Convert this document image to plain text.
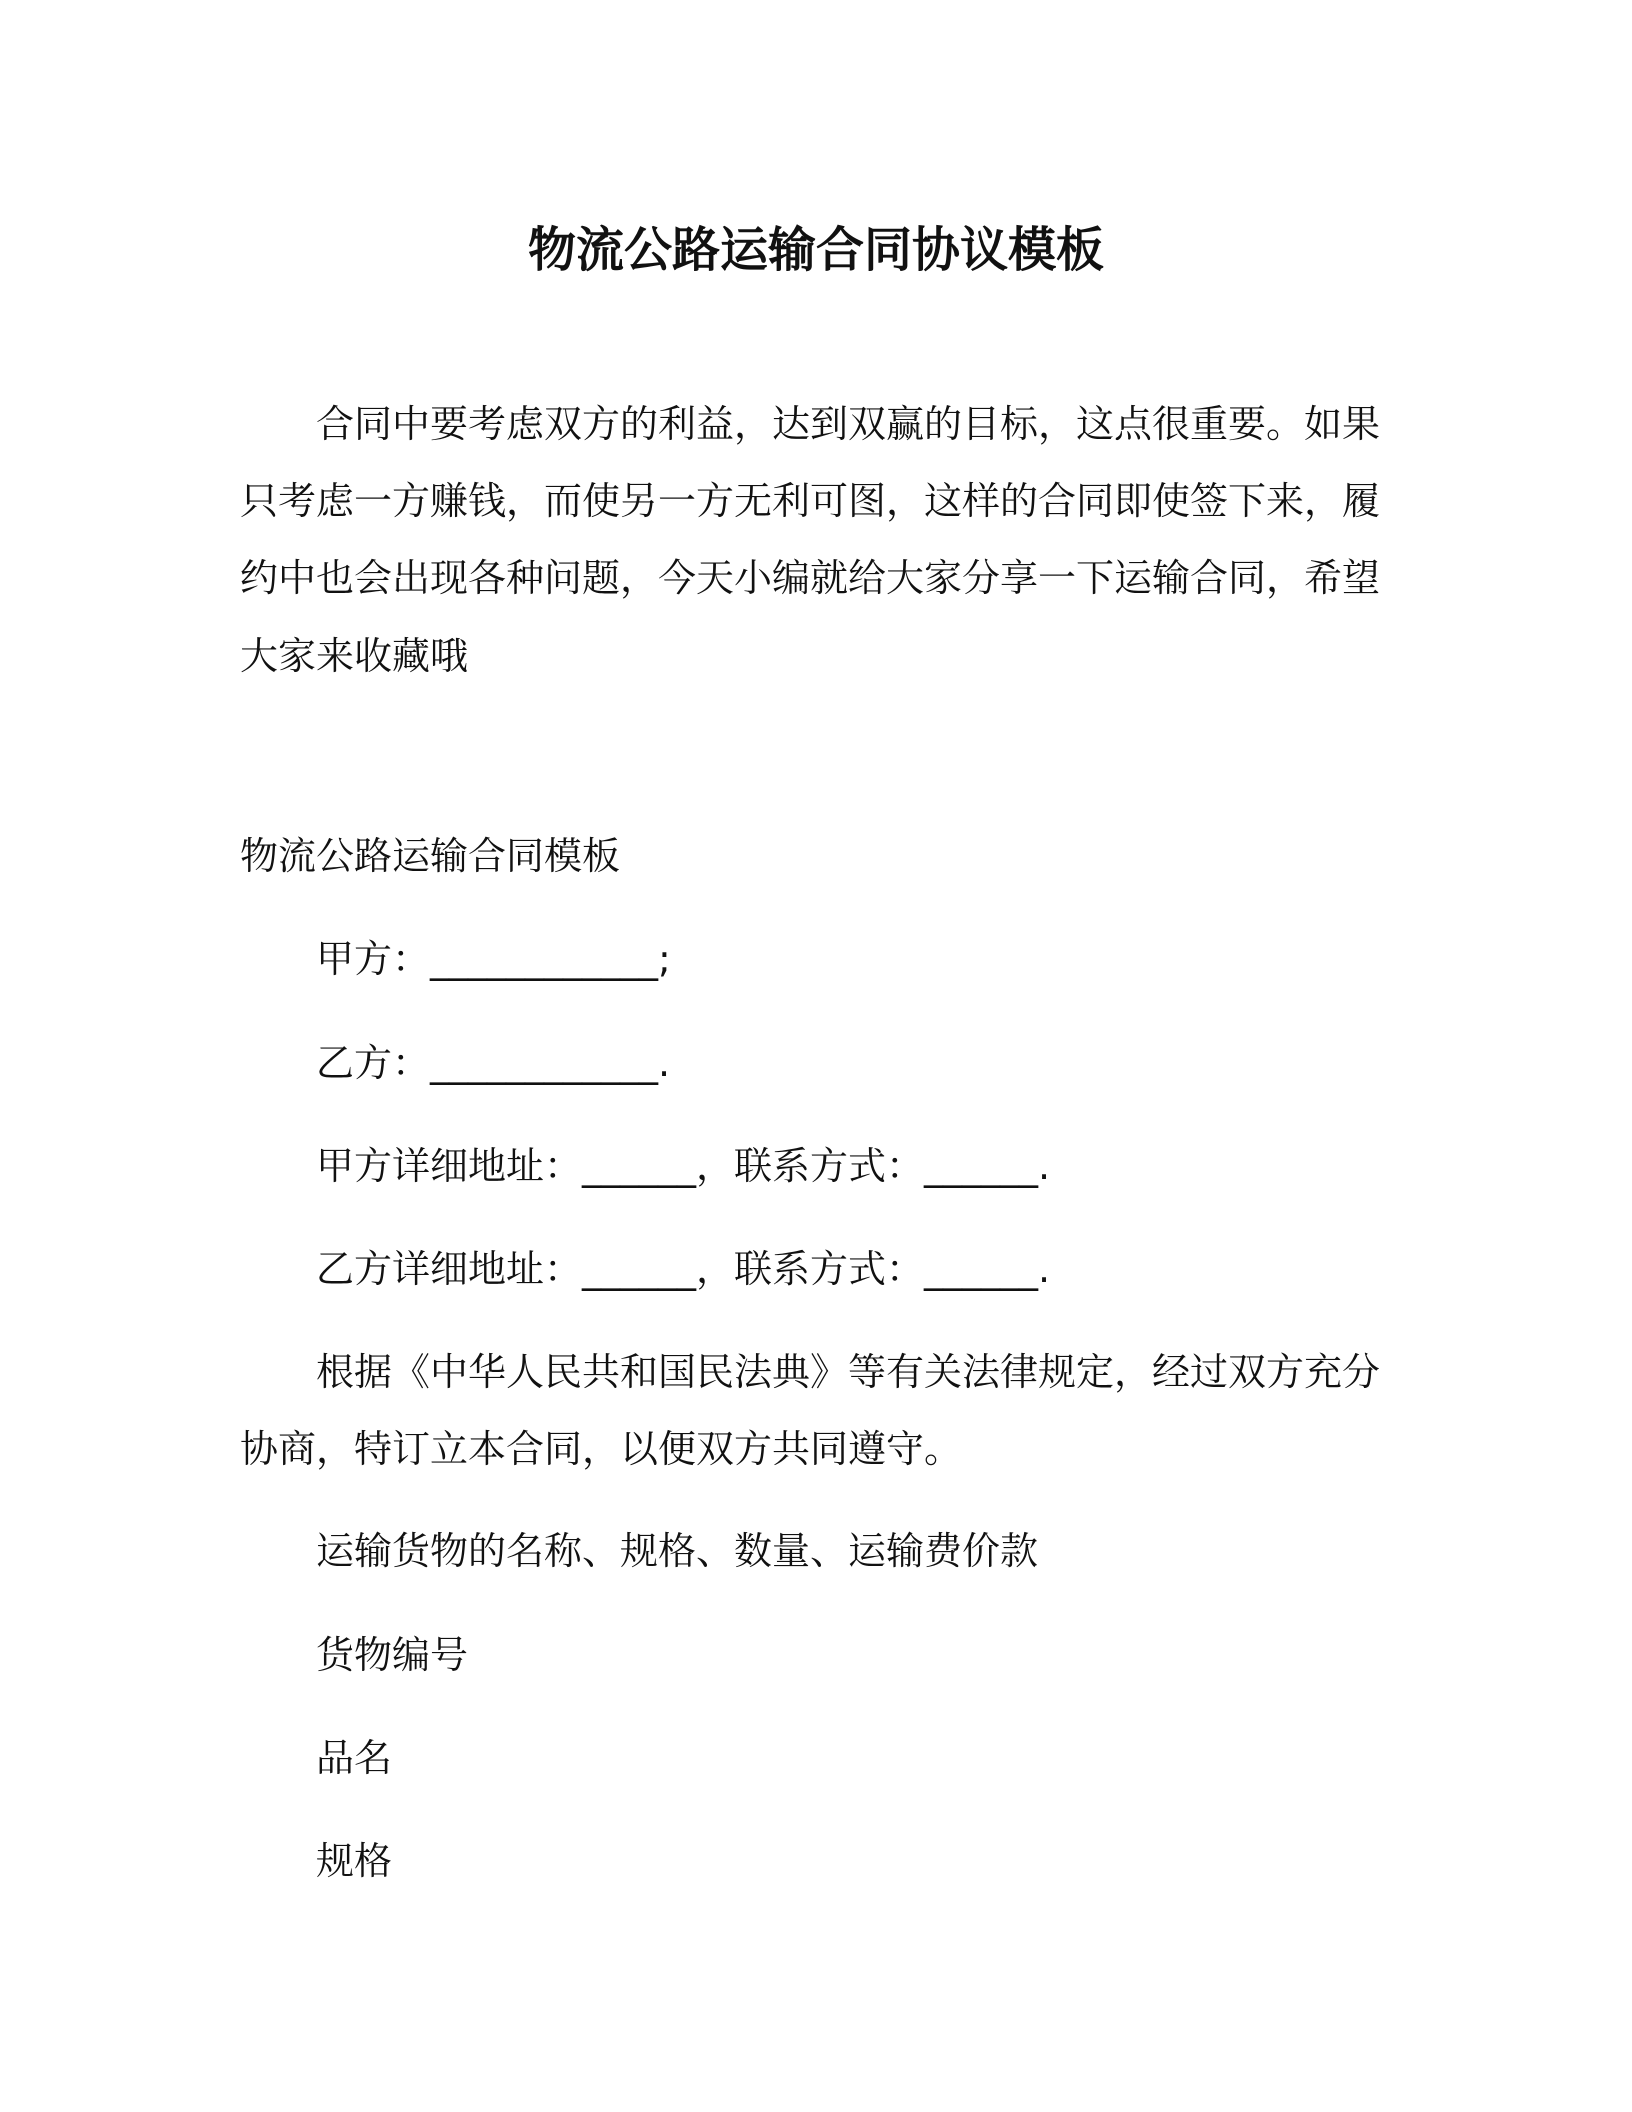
物流公路运输合同协议模板
合同中要考虑双方的利益，达到双赢的目标，这点很重要。如果
只考虑一方赚钱，而使另一方无利可图，这样的合同即使签下来，履
约中也会出现各种问题，今天小编就给大家分享一下运输合同，希望
大家来收藏哦
物流公路运输合同模板
甲方：____________;
乙方：____________.
甲方详细地址：______，联系方式：______.
乙方详细地址：______，联系方式：______.
根据《中华人民共和国民法典》等有关法律规定，经过双方充分
协商，特订立本合同，以便双方共同遵守。
运输货物的名称、规格、数量、运输费价款
货物编号
品名
规格
